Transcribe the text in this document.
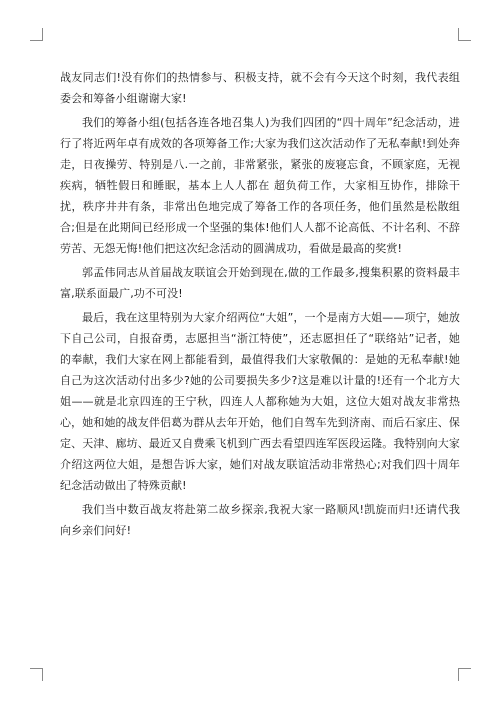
战友同志们!没有你们的热情参与、积极支持，就不会有今天这个时刻，我代表组委会和筹备小组谢谢大家!

我们的筹备小组(包括各连各地召集人)为我们四团的“四十周年”纪念活动，进行了将近两年卓有成效的各项筹备工作;大家为我们这次活动作了无私奉献!到处奔走，日夜操劳、特别是八.一之前，非常紧张，紧张的废寝忘食，不顾家庭，无视疾病，牺牲假日和睡眠，基本上人人都在 超负荷工作，大家相互协作，排除干扰，秩序井井有条，非常出色地完成了筹备工作的各项任务，他们虽然是松散组合;但是在此期间已经形成一个坚强的集体!他们人人都不论高低、不计名利、不辞劳苦、无怨无悔!他们把这次纪念活动的圆满成功，看做是最高的奖赏!

郭孟伟同志从首届战友联谊会开始到现在,做的工作最多,搜集积累的资料最丰富,联系面最广,功不可没!

最后，我在这里特别为大家介绍两位“大姐”，一个是南方大姐——项宁，她放下自己公司，自报奋勇，志愿担当“浙江特使”，还志愿担任了“联络站”记者，她的奉献，我们大家在网上都能看到，最值得我们大家敬佩的：是她的无私奉献!她自己为这次活动付出多少?她的公司要损失多少?这是难以计量的!还有一个北方大姐——就是北京四连的王宁秋，四连人人都称她为大姐，这位大姐对战友非常热心，她和她的战友伴侣葛为群从去年开始，他们自驾车先到济南、而后石家庄、保定、天津、廊坊、最近又自费乘飞机到广西去看望四连军医段运隆。我特别向大家介绍这两位大姐，是想告诉大家，她们对战友联谊活动非常热心;对我们四十周年纪念活动做出了特殊贡献!

我们当中数百战友将赴第二故乡探亲,我祝大家一路顺风!凯旋而归!还请代我向乡亲们问好!
